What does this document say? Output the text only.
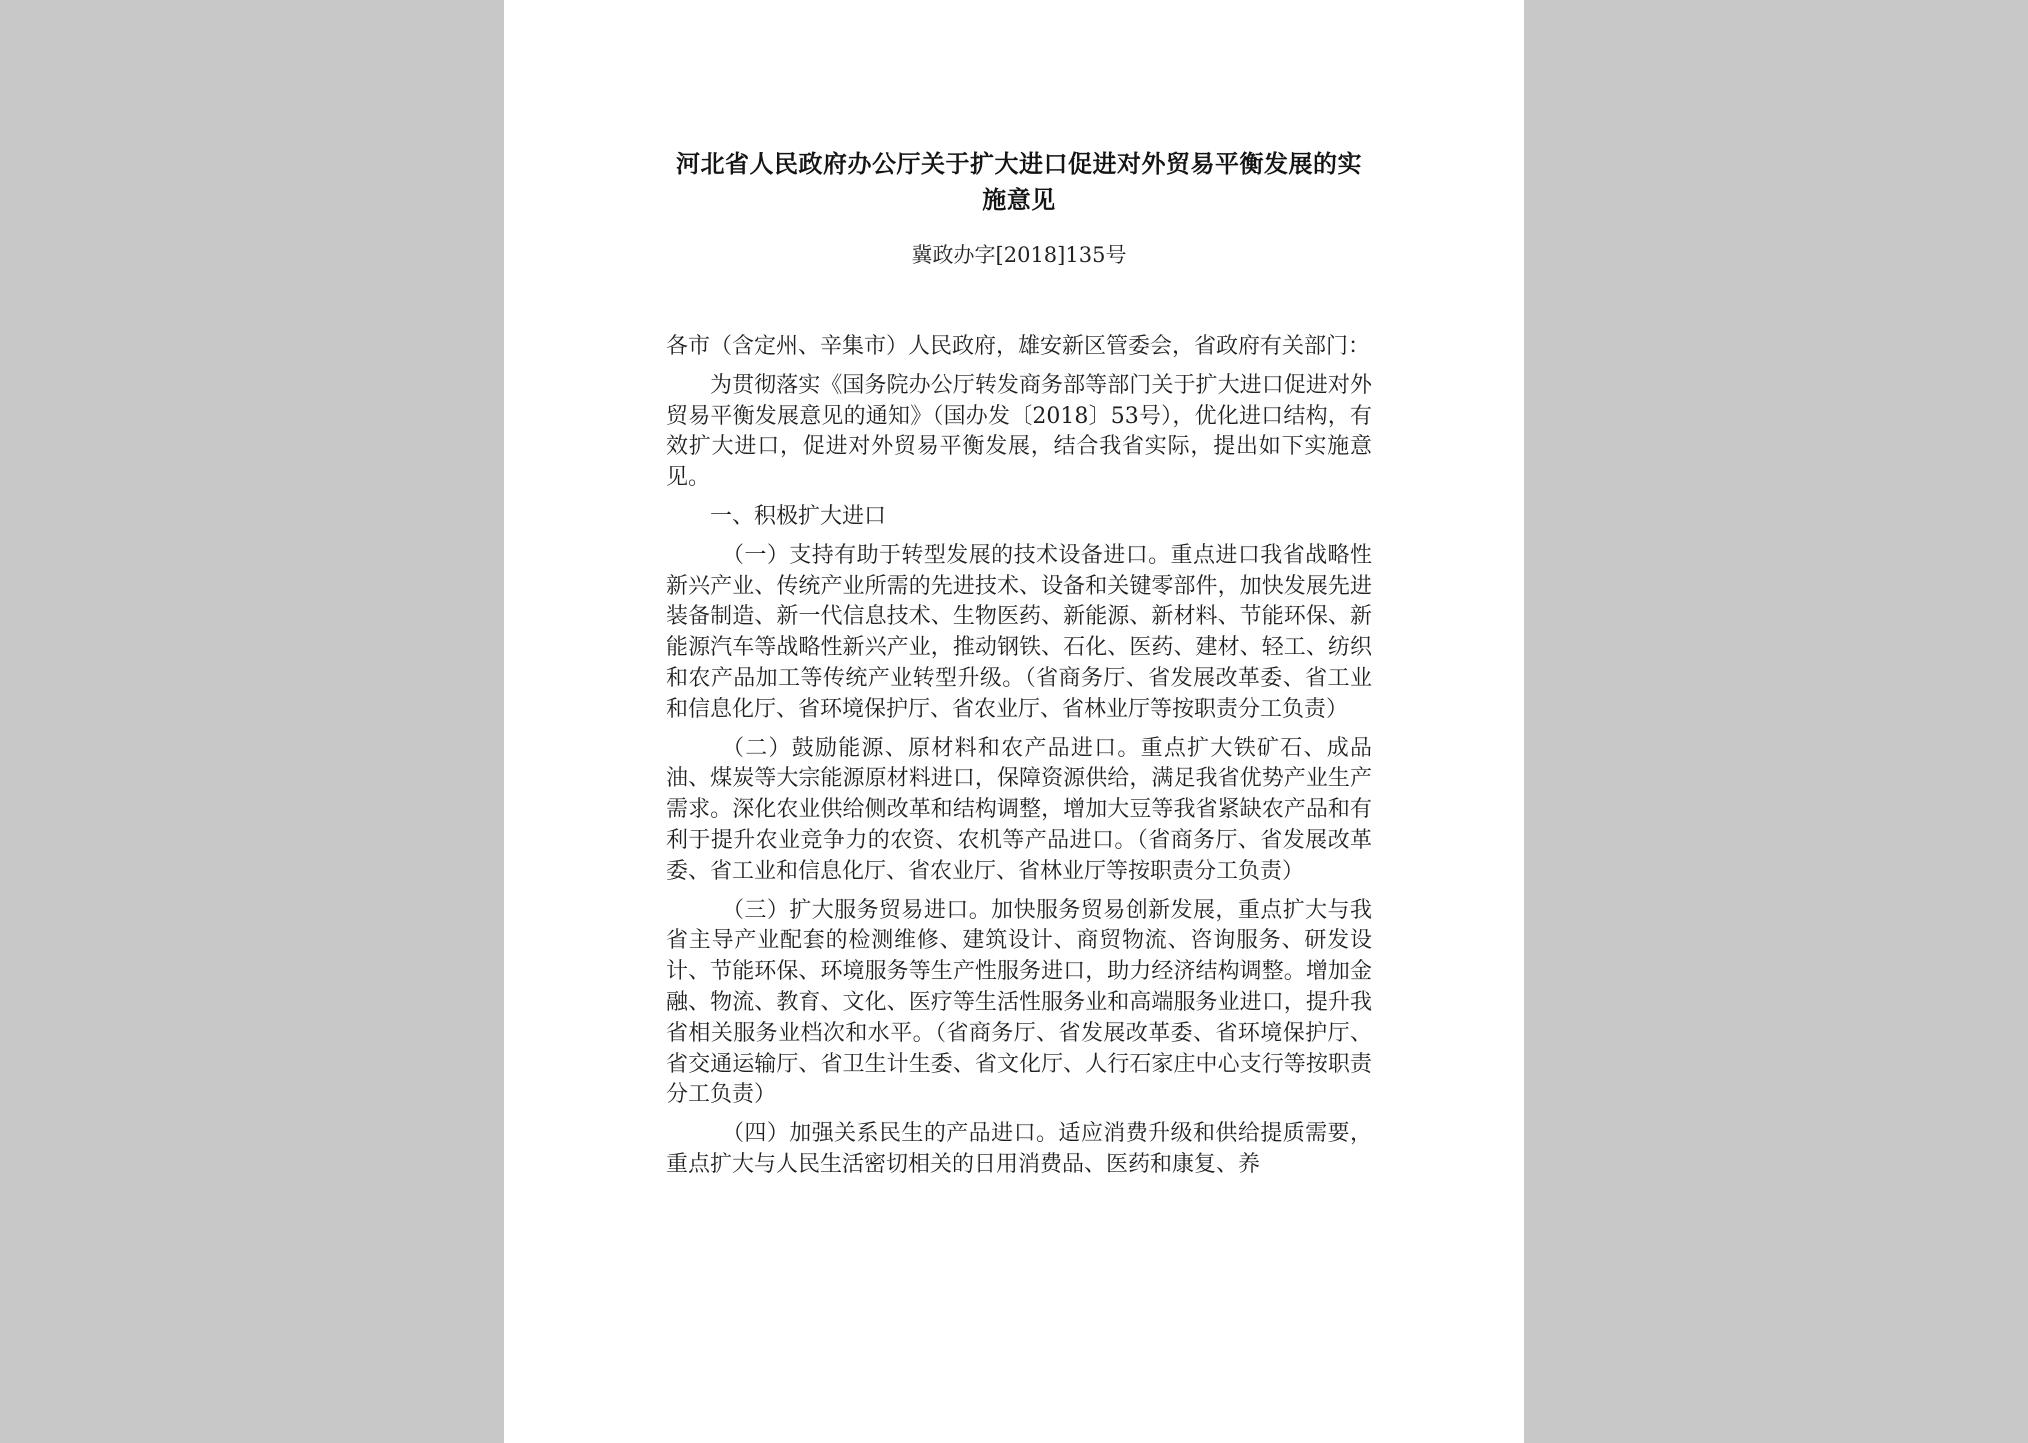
河北省人民政府办公厅关于扩大进口促进对外贸易平衡发展的实施意见
冀政办字[2018]135号

各市（含定州、辛集市）人民政府，雄安新区管委会，省政府有关部门：

为贯彻落实《国务院办公厅转发商务部等部门关于扩大进口促进对外贸易平衡发展意见的通知》（国办发〔2018〕53号），优化进口结构，有效扩大进口，促进对外贸易平衡发展，结合我省实际，提出如下实施意见。

一、积极扩大进口

（一）支持有助于转型发展的技术设备进口。重点进口我省战略性新兴产业、传统产业所需的先进技术、设备和关键零部件，加快发展先进装备制造、新一代信息技术、生物医药、新能源、新材料、节能环保、新能源汽车等战略性新兴产业，推动钢铁、石化、医药、建材、轻工、纺织和农产品加工等传统产业转型升级。（省商务厅、省发展改革委、省工业和信息化厅、省环境保护厅、省农业厅、省林业厅等按职责分工负责）

（二）鼓励能源、原材料和农产品进口。重点扩大铁矿石、成品油、煤炭等大宗能源原材料进口，保障资源供给，满足我省优势产业生产需求。深化农业供给侧改革和结构调整，增加大豆等我省紧缺农产品和有利于提升农业竞争力的农资、农机等产品进口。（省商务厅、省发展改革委、省工业和信息化厅、省农业厅、省林业厅等按职责分工负责）

（三）扩大服务贸易进口。加快服务贸易创新发展，重点扩大与我省主导产业配套的检测维修、建筑设计、商贸物流、咨询服务、研发设计、节能环保、环境服务等生产性服务进口，助力经济结构调整。增加金融、物流、教育、文化、医疗等生活性服务业和高端服务业进口，提升我省相关服务业档次和水平。（省商务厅、省发展改革委、省环境保护厅、省交通运输厅、省卫生计生委、省文化厅、人行石家庄中心支行等按职责分工负责）

（四）加强关系民生的产品进口。适应消费升级和供给提质需要，重点扩大与人民生活密切相关的日用消费品、医药和康复、养
